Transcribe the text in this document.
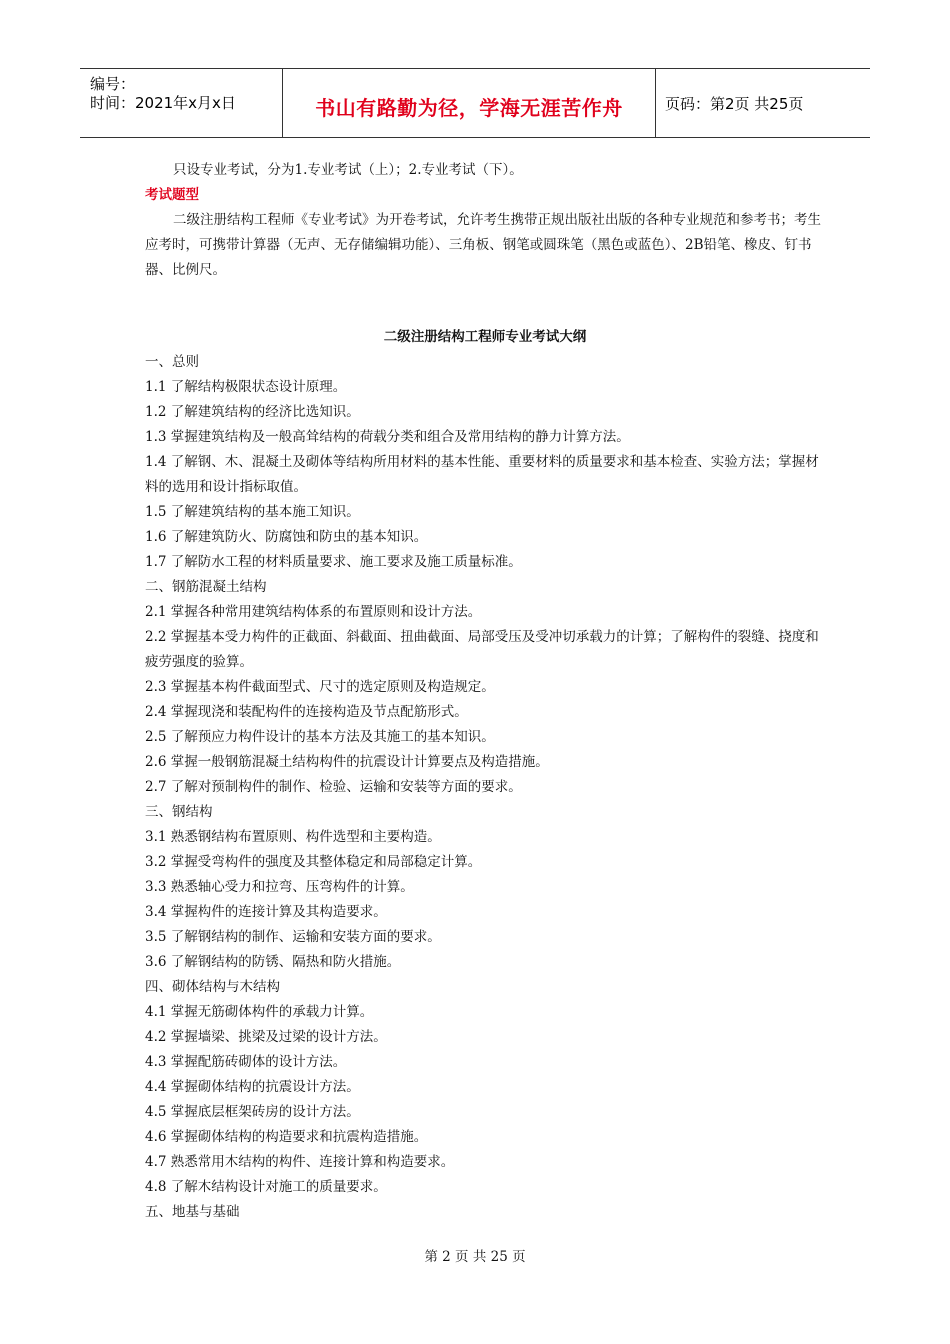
编号：
时间：2021年x月x日	书山有路勤为径，学海无涯苦作舟	页码：第2页 共25页

只设专业考试，分为1.专业考试（上）；2.专业考试（下）。

考试题型

二级注册结构工程师《专业考试》为开卷考试，允许考生携带正规出版社出版的各种专业规范和参考书；考生应考时，可携带计算器（无声、无存储编辑功能）、三角板、钢笔或圆珠笔（黑色或蓝色）、2B铅笔、橡皮、钉书器、比例尺。

二级注册结构工程师专业考试大纲

一、总则

1.1 了解结构极限状态设计原理。

1.2 了解建筑结构的经济比选知识。

1.3 掌握建筑结构及一般高耸结构的荷载分类和组合及常用结构的静力计算方法。

1.4 了解钢、木、混凝土及砌体等结构所用材料的基本性能、重要材料的质量要求和基本检查、实验方法；掌握材料的选用和设计指标取值。

1.5 了解建筑结构的基本施工知识。

1.6 了解建筑防火、防腐蚀和防虫的基本知识。

1.7 了解防水工程的材料质量要求、施工要求及施工质量标准。

二、钢筋混凝土结构

2.1 掌握各种常用建筑结构体系的布置原则和设计方法。

2.2 掌握基本受力构件的正截面、斜截面、扭曲截面、局部受压及受冲切承载力的计算；了解构件的裂缝、挠度和疲劳强度的验算。

2.3 掌握基本构件截面型式、尺寸的选定原则及构造规定。

2.4 掌握现浇和装配构件的连接构造及节点配筋形式。

2.5 了解预应力构件设计的基本方法及其施工的基本知识。

2.6 掌握一般钢筋混凝土结构构件的抗震设计计算要点及构造措施。

2.7 了解对预制构件的制作、检验、运输和安装等方面的要求。

三、钢结构

3.1 熟悉钢结构布置原则、构件选型和主要构造。

3.2 掌握受弯构件的强度及其整体稳定和局部稳定计算。

3.3 熟悉轴心受力和拉弯、压弯构件的计算。

3.4 掌握构件的连接计算及其构造要求。

3.5 了解钢结构的制作、运输和安装方面的要求。

3.6 了解钢结构的防锈、隔热和防火措施。

四、砌体结构与木结构

4.1 掌握无筋砌体构件的承载力计算。

4.2 掌握墙梁、挑梁及过梁的设计方法。

4.3 掌握配筋砖砌体的设计方法。

4.4 掌握砌体结构的抗震设计方法。

4.5 掌握底层框架砖房的设计方法。

4.6 掌握砌体结构的构造要求和抗震构造措施。

4.7 熟悉常用木结构的构件、连接计算和构造要求。

4.8 了解木结构设计对施工的质量要求。

五、地基与基础

第 2 页 共 25 页
